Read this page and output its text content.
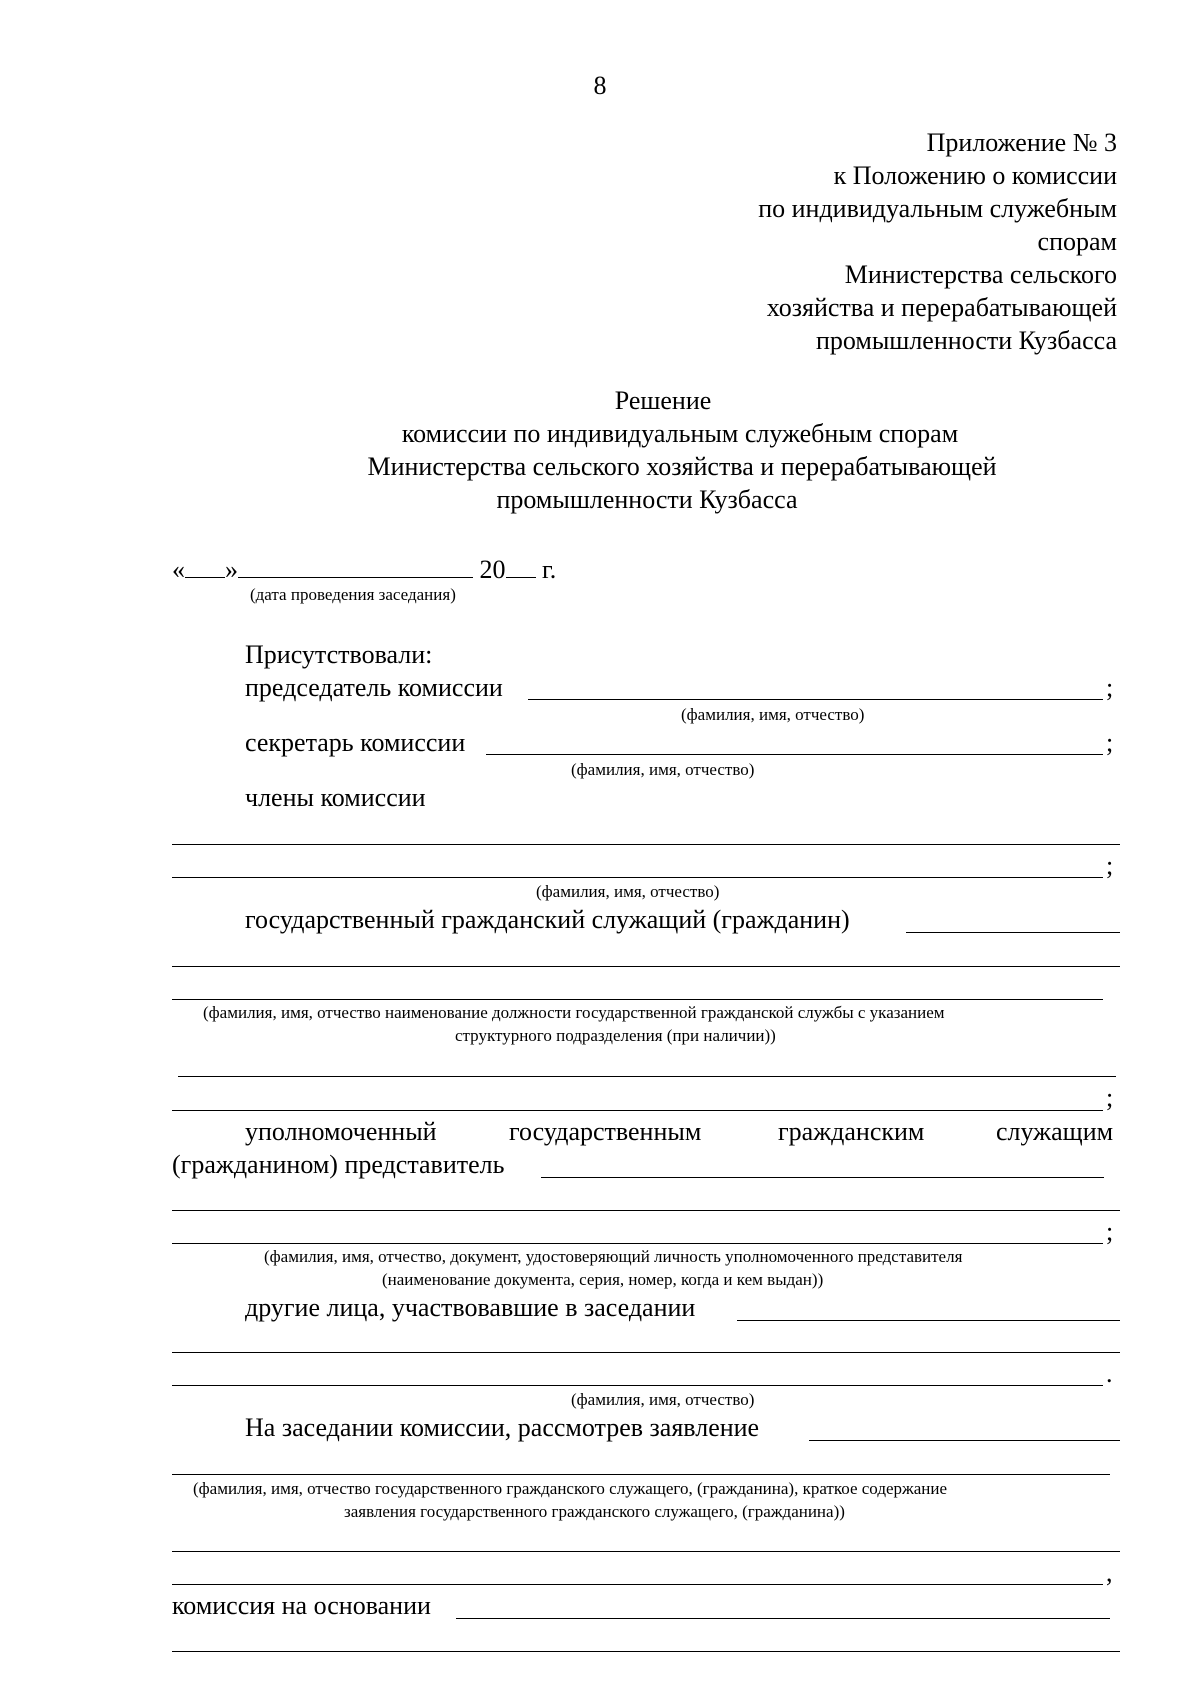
8
Приложение № 3
к Положению о комиссии
по индивидуальным служебным
спорам
Министерства сельского
хозяйства и перерабатывающей
промышленности Кузбасса
Решение
комиссии по индивидуальным служебным спорам
Министерства сельского хозяйства и перерабатывающей
промышленности Кузбасса
« »	20 г.
(дата проведения заседания)
Присутствовали:
председатель комиссии	;
(фамилия, имя, отчество)
секретарь комиссии	;
(фамилия, имя, отчество)
члены комиссии
;
(фамилия, имя, отчество)
государственный гражданский служащий (гражданин)
(фамилия, имя, отчество наименование должности государственной гражданской службы с указанием
структурного подразделения (при наличии))
;
уполномоченный	государственным	гражданским	служащим
(гражданином) представитель
;
(фамилия, имя, отчество, документ, удостоверяющий личность уполномоченного представителя
(наименование документа, серия, номер, когда и кем выдан))
другие лица, участвовавшие в заседании
.
(фамилия, имя, отчество)
На заседании комиссии, рассмотрев заявление
(фамилия, имя, отчество государственного гражданского служащего, (гражданина), краткое содержание
заявления государственного гражданского служащего, (гражданина))
,
комиссия на основании
